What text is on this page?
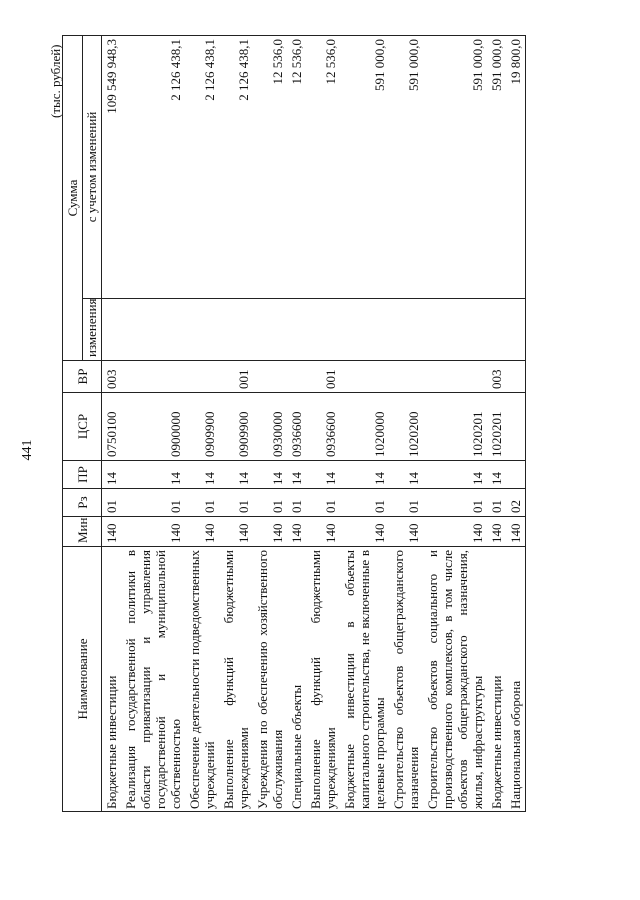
441
(тыс. рублей)
Наименование	Мин	Рз	ПР	ЦСР	ВР	Сумма	
						изменения	с учетом изменений
Бюджетные инвестиции	140	01	14	0750100	003		109 549 948,3
Реализация государственной политики в области приватизации и управления государственной и муниципальной собственностью	140	01	14	0900000			2 126 438,1
Обеспечение деятельности подведомственных учреждений	140	01	14	0909900			2 126 438,1
Выполнение функций бюджетными учреждениями	140	01	14	0909900	001		2 126 438,1
Учреждения по обеспечению хозяйственного обслуживания	140	01	14	0930000			12 536,0
Специальные объекты	140	01	14	0936600			12 536,0
Выполнение функций бюджетными учреждениями	140	01	14	0936600	001		12 536,0
Бюджетные инвестиции в объекты капитального строительства, не включенные в целевые программы	140	01	14	1020000			591 000,0
Строительство объектов общегражданского назначения	140	01	14	1020200			591 000,0
Строительство объектов социального и производственного комплексов, в том числе объектов общегражданского назначения, жилья, инфраструктуры	140	01	14	1020201			591 000,0
Бюджетные инвестиции	140	01	14	1020201	003		591 000,0
Национальная оборона	140	02					19 800,0
